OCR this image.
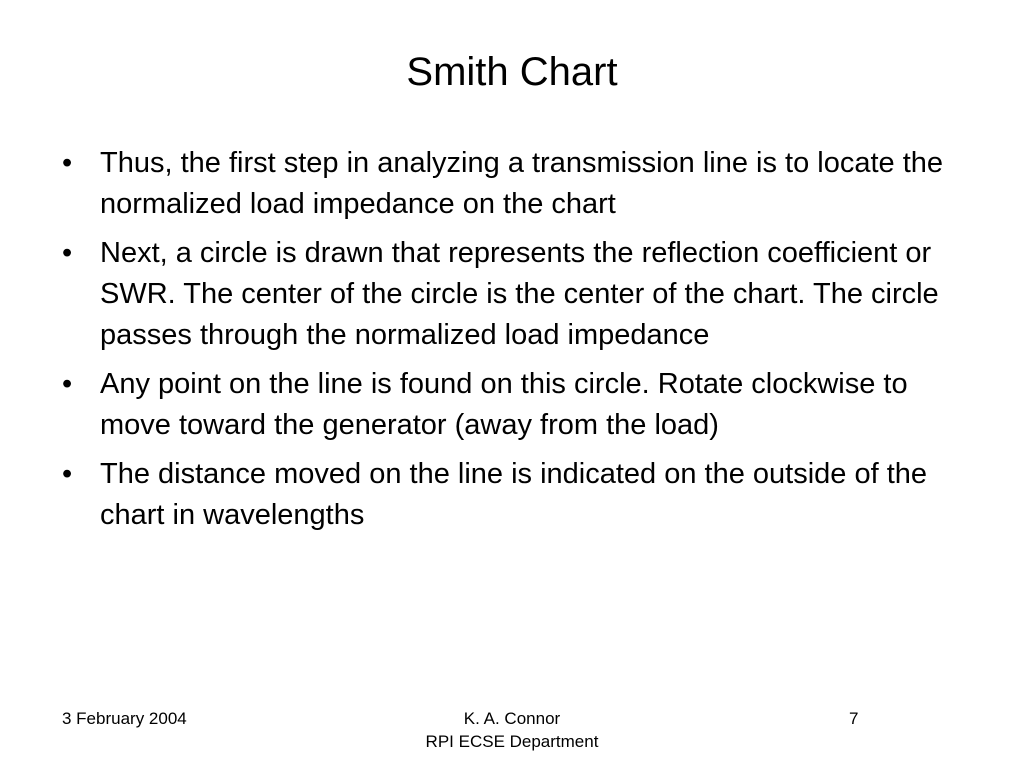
Smith Chart
• Thus, the first step in analyzing a transmission line is to locate the normalized load impedance on the chart
• Next, a circle is drawn that represents the reflection coefficient or SWR. The center of the circle is the center of the chart. The circle passes through the normalized load impedance
• Any point on the line is found on this circle. Rotate clockwise to move toward the generator (away from the load)
• The distance moved on the line is indicated on the outside of the chart in wavelengths
3 February 2004	K. A. Connor
RPI ECSE Department
7
